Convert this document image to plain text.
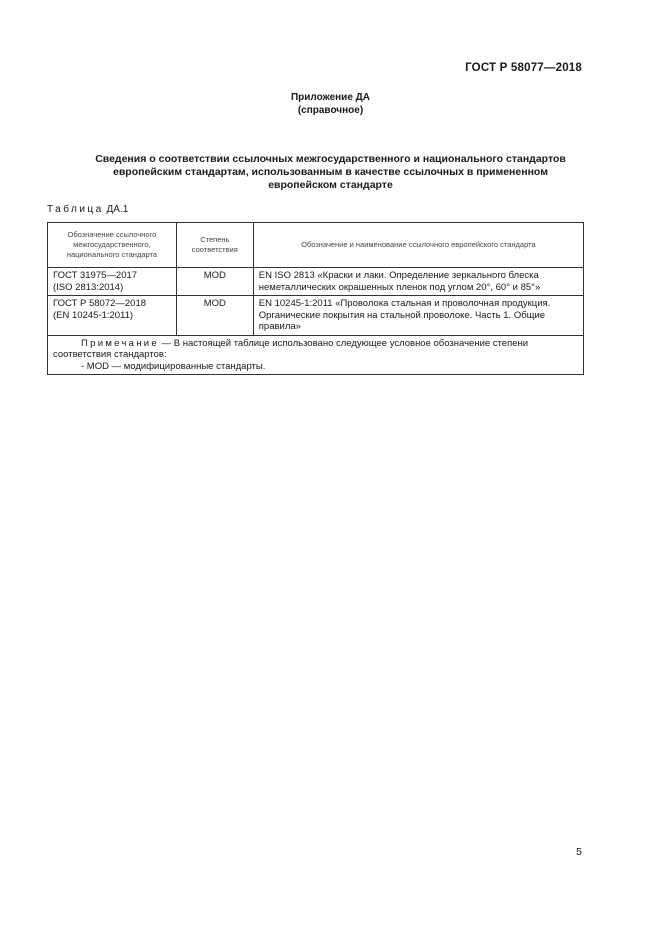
ГОСТ Р 58077—2018
Приложение ДА
(справочное)
Сведения о соответствии ссылочных межгосударственного и национального стандартов
европейским стандартам, использованным в качестве ссылочных в примененном
европейском стандарте
Таблица ДА.1
Обозначение ссылочного межгосударственного, национального стандарта	Степень соответствия	Обозначение и наименование ссылочного европейского стандарта

ГОСТ 31975—2017
(ISO 2813:2014)	MOD	EN ISO 2813 «Краски и лаки. Определение зеркального блеска неметаллических окрашенных пленок под углом 20°, 60° и 85°»

ГОСТ Р 58072—2018
(EN 10245-1:2011)	MOD	EN 10245-1:2011 «Проволока стальная и проволочная продукция. Органические покрытия на стальной проволоке. Часть 1. Общие правила»

Примечание — В настоящей таблице использовано следующее условное обозначение степени соответствия стандартов:
- MOD — модифицированные стандарты.		
5
